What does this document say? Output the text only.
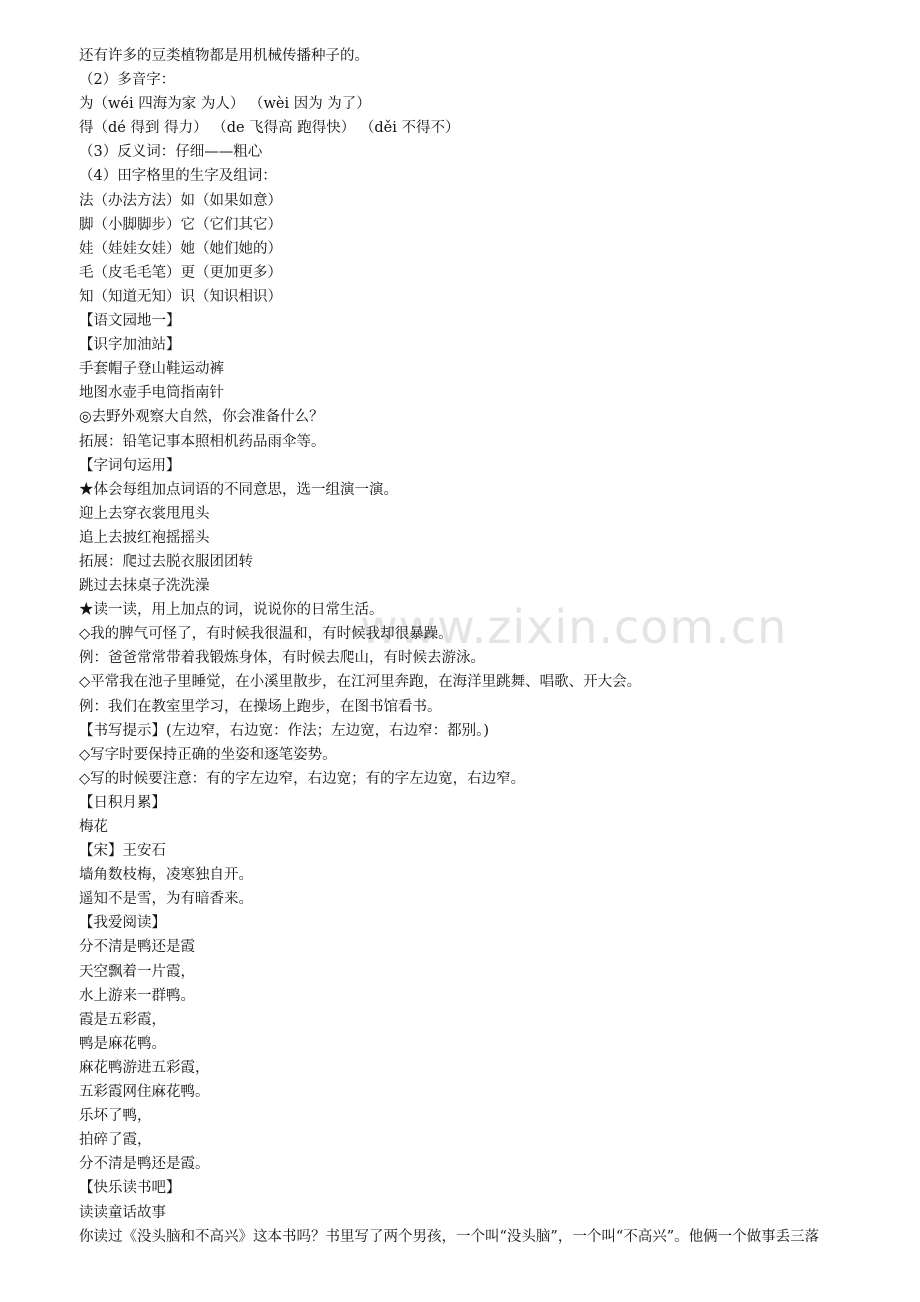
www.zixin.com.cn
还有许多的豆类植物都是用机械传播种子的。
（2）多音字：
为（wéi 四海为家 为人） （wèi 因为 为了）
得（dé 得到 得力） （de 飞得高 跑得快） （děi 不得不）
（3）反义词：仔细——粗心
（4）田字格里的生字及组词：
法（办法方法）如（如果如意）
脚（小脚脚步）它（它们其它）
娃（娃娃女娃）她（她们她的）
毛（皮毛毛笔）更（更加更多）
知（知道无知）识（知识相识）
【语文园地一】
【识字加油站】
手套帽子登山鞋运动裤
地图水壶手电筒指南针
◎去野外观察大自然，你会准备什么？
拓展：铅笔记事本照相机药品雨伞等。
【字词句运用】
★体会每组加点词语的不同意思，选一组演一演。
迎上去穿衣裳甩甩头
追上去披红袍摇摇头
拓展：爬过去脱衣服团团转
跳过去抹桌子洗洗澡
★读一读，用上加点的词，说说你的日常生活。
◇我的脾气可怪了，有时候我很温和，有时候我却很暴躁。
例：爸爸常常带着我锻炼身体，有时候去爬山，有时候去游泳。
◇平常我在池子里睡觉，在小溪里散步，在江河里奔跑，在海洋里跳舞、唱歌、开大会。
例：我们在教室里学习，在操场上跑步，在图书馆看书。
【书写提示】(左边窄，右边宽：作法；左边宽，右边窄：都别。)
◇写字时要保持正确的坐姿和逐笔姿势。
◇写的时候要注意：有的字左边窄，右边宽；有的字左边宽，右边窄。
【日积月累】
梅花
【宋】王安石
墙角数枝梅，凌寒独自开。
遥知不是雪，为有暗香来。
【我爱阅读】
分不清是鸭还是霞
天空飘着一片霞，
水上游来一群鸭。
霞是五彩霞，
鸭是麻花鸭。
麻花鸭游进五彩霞，
五彩霞网住麻花鸭。
乐坏了鸭，
拍碎了霞，
分不清是鸭还是霞。
【快乐读书吧】
读读童话故事
你读过《没头脑和不高兴》这本书吗？书里写了两个男孩，一个叫“没头脑”，一个叫“不高兴”。他俩一个做事丢三落
